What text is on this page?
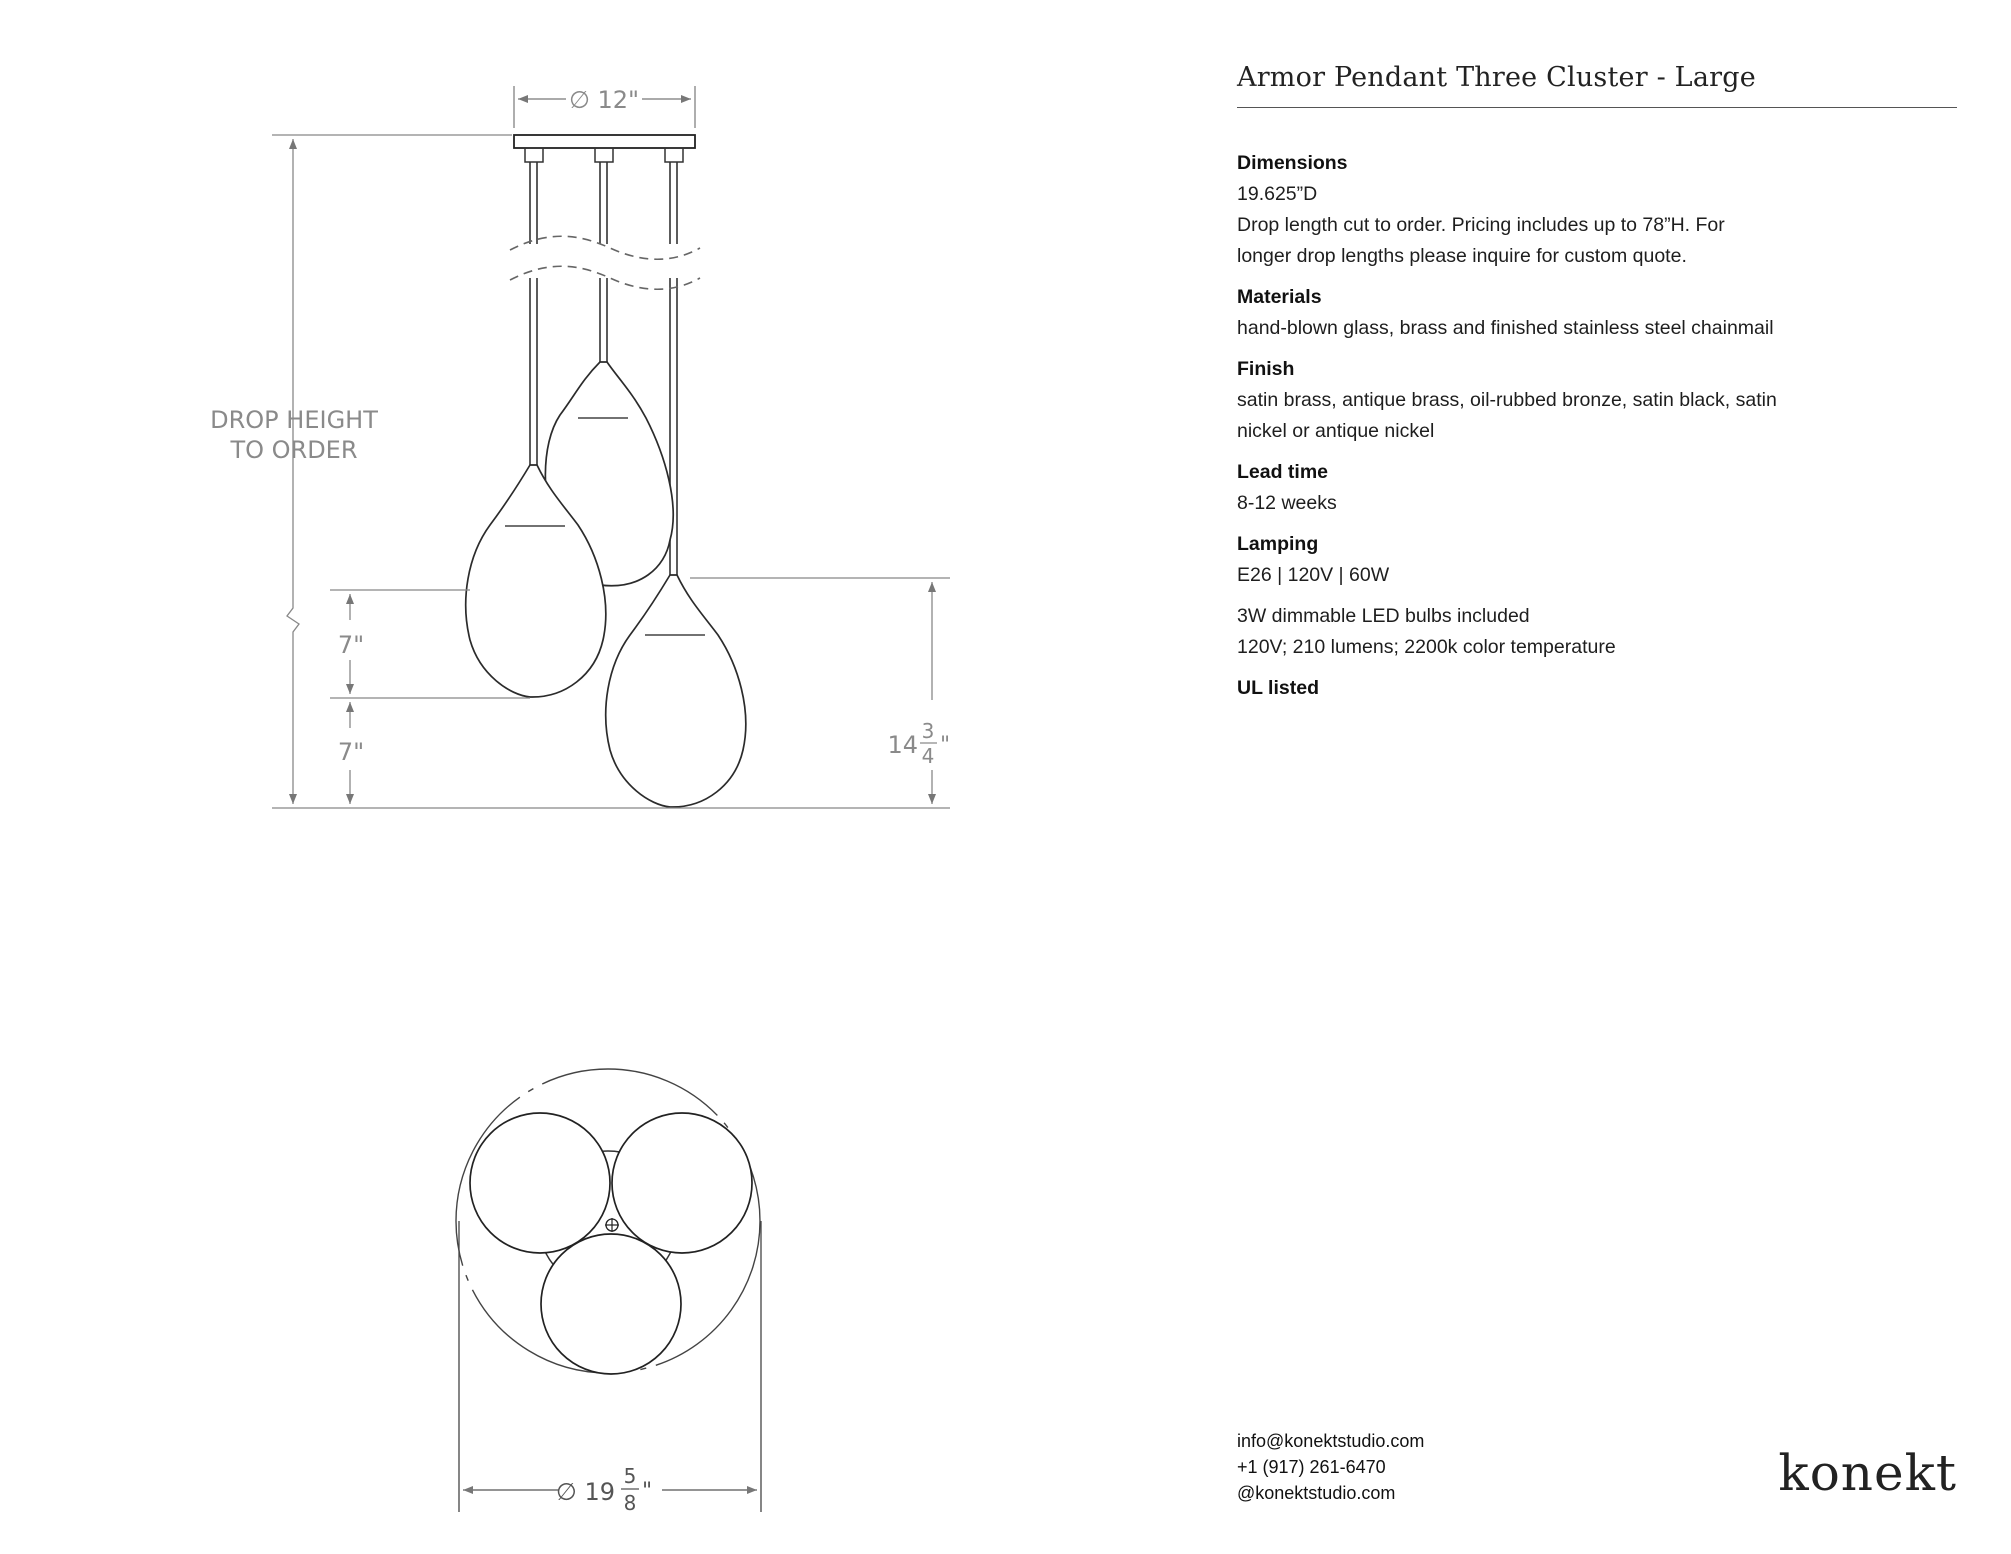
∅ 12"
DROP HEIGHT
TO ORDER
7"
7"	14 3
4 "
∅ 19
5
8 "
Armor Pendant Three Cluster - Large
Dimensions
19.625”D
Drop length cut to order. Pricing includes up to 78”H. For
longer drop lengths please inquire for custom quote.
Materials
hand-blown glass, brass and finished stainless steel chainmail
Finish
satin brass, antique brass, oil-rubbed bronze, satin black, satin
nickel or antique nickel
Lead time
8-12 weeks
Lamping
E26 | 120V | 60W
3W dimmable LED bulbs included
120V; 210 lumens; 2200k color temperature
UL listed
info@konektstudio.com
+1 (917) 261-6470
@konektstudio.com	konekt
